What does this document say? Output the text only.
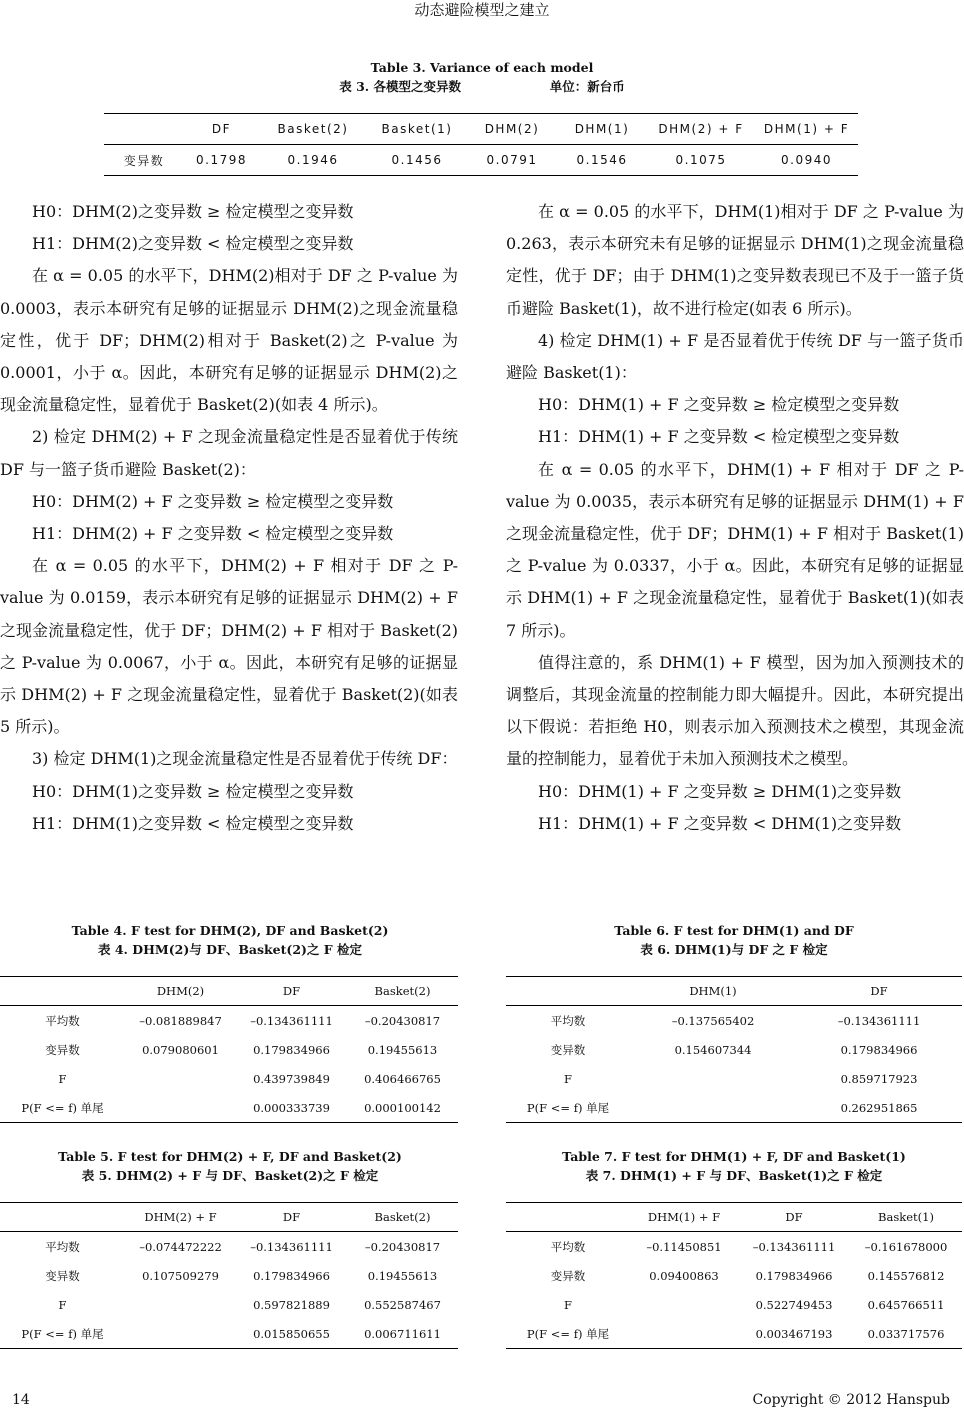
动态避险模型之建立
Table 3. Variance of each model
表 3. 各模型之变异数	单位：新台币
	DF	Basket(2)	Basket(1)	DHM(2)	DHM(1)	DHM(2) + F	DHM(1) + F
变异数	0.1798	0.1946	0.1456	0.0791	0.1546	0.1075	0.0940

H0：DHM(2)之变异数 ≥ 检定模型之变异数

H1：DHM(2)之变异数 < 检定模型之变异数

在 α = 0.05 的水平下，DHM(2)相对于 DF 之 P-value 为 0.0003，表示本研究有足够的证据显示 DHM(2)之现金流量稳定性，优于 DF；DHM(2)相对于 Basket(2)之 P-value 为 0.0001，小于 α。因此，本研究有足够的证据显示 DHM(2)之现金流量稳定性，显着优于 Basket(2)(如表 4 所示)。

2) 检定 DHM(2) + F 之现金流量稳定性是否显着优于传统 DF 与一篮子货币避险 Basket(2)：

H0：DHM(2) + F 之变异数 ≥ 检定模型之变异数

H1：DHM(2) + F 之变异数 < 检定模型之变异数

在 α = 0.05 的水平下，DHM(2) + F 相对于 DF 之 P-value 为 0.0159，表示本研究有足够的证据显示 DHM(2) + F 之现金流量稳定性，优于 DF；DHM(2) + F 相对于 Basket(2)之 P-value 为 0.0067，小于 α。因此，本研究有足够的证据显示 DHM(2) + F 之现金流量稳定性，显着优于 Basket(2)(如表 5 所示)。

3) 检定 DHM(1)之现金流量稳定性是否显着优于传统 DF：

H0：DHM(1)之变异数 ≥ 检定模型之变异数

H1：DHM(1)之变异数 < 检定模型之变异数

在 α = 0.05 的水平下，DHM(1)相对于 DF 之 P-value 为 0.263，表示本研究未有足够的证据显示 DHM(1)之现金流量稳定性，优于 DF；由于 DHM(1)之变异数表现已不及于一篮子货币避险 Basket(1)，故不进行检定(如表 6 所示)。

4) 检定 DHM(1) + F 是否显着优于传统 DF 与一篮子货币避险 Basket(1)：

H0：DHM(1) + F 之变异数 ≥ 检定模型之变异数

H1：DHM(1) + F 之变异数 < 检定模型之变异数

在 α = 0.05 的水平下，DHM(1) + F 相对于 DF 之 P-value 为 0.0035，表示本研究有足够的证据显示 DHM(1) + F 之现金流量稳定性，优于 DF；DHM(1) + F 相对于 Basket(1)之 P-value 为 0.0337，小于 α。因此，本研究有足够的证据显示 DHM(1) + F 之现金流量稳定性，显着优于 Basket(1)(如表 7 所示)。

值得注意的，系 DHM(1) + F 模型，因为加入预测技术的调整后，其现金流量的控制能力即大幅提升。因此，本研究提出以下假说：若拒绝 H0，则表示加入预测技术之模型，其现金流量的控制能力，显着优于未加入预测技术之模型。

H0：DHM(1) + F 之变异数 ≥ DHM(1)之变异数

H1：DHM(1) + F 之变异数 < DHM(1)之变异数

Table 4. F test for DHM(2), DF and Basket(2)
表 4. DHM(2)与 DF、Basket(2)之 F 检定
	DHM(2)	DF	Basket(2)
平均数	–0.081889847	–0.134361111	–0.20430817
变异数	0.079080601	0.179834966	0.19455613
F		0.439739849	0.406466765
P(F <= f) 单尾		0.000333739	0.000100142
Table 6. F test for DHM(1) and DF
表 6. DHM(1)与 DF 之 F 检定
	DHM(1)	DF
平均数	–0.137565402	–0.134361111
变异数	0.154607344	0.179834966
F		0.859717923
P(F <= f) 单尾		0.262951865
Table 5. F test for DHM(2) + F, DF and Basket(2)
表 5. DHM(2) + F 与 DF、Basket(2)之 F 检定
	DHM(2) + F	DF	Basket(2)
平均数	–0.074472222	–0.134361111	–0.20430817
变异数	0.107509279	0.179834966	0.19455613
F		0.597821889	0.552587467
P(F <= f) 单尾		0.015850655	0.006711611
Table 7. F test for DHM(1) + F, DF and Basket(1)
表 7. DHM(1) + F 与 DF、Basket(1)之 F 检定
	DHM(1) + F	DF	Basket(1)
平均数	–0.11450851	–0.134361111	–0.161678000
变异数	0.09400863	0.179834966	0.145576812
F		0.522749453	0.645766511
P(F <= f) 单尾		0.003467193	0.033717576
14	Copyright © 2012 Hanspub
